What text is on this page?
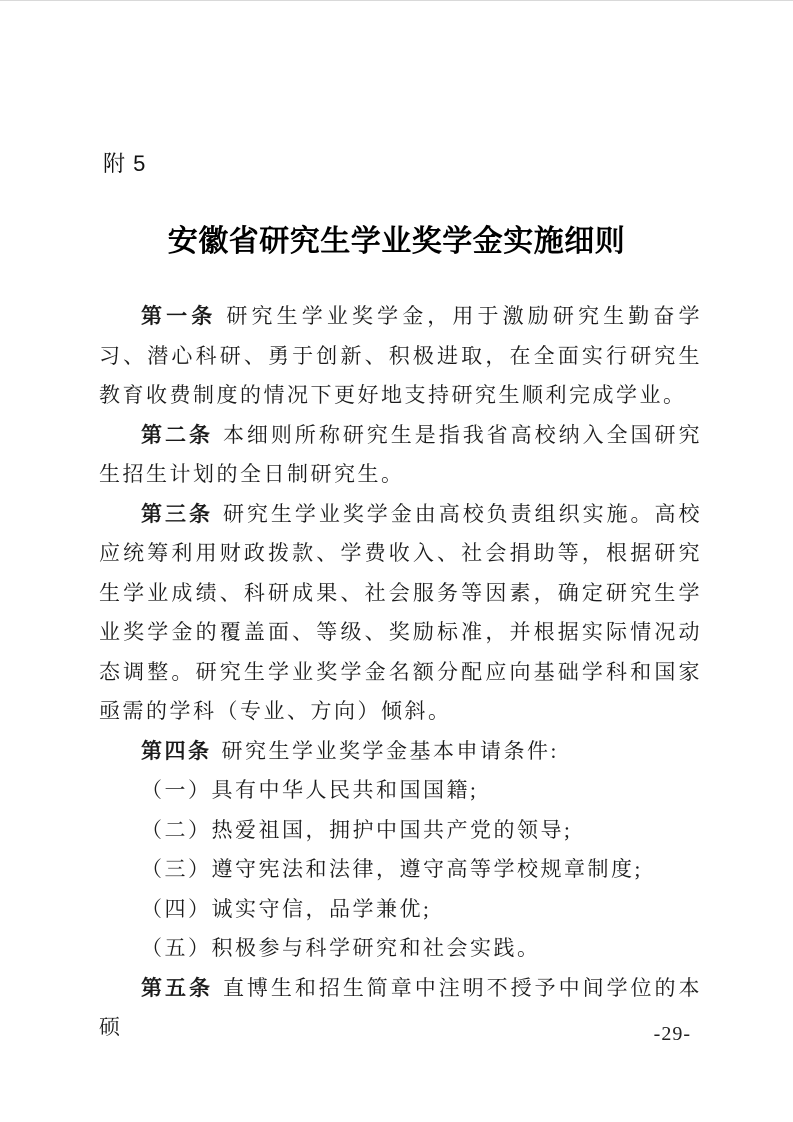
附 5
安徽省研究生学业奖学金实施细则

第一条 研究生学业奖学金，用于激励研究生勤奋学习、潜心科研、勇于创新、积极进取，在全面实行研究生教育收费制度的情况下更好地支持研究生顺利完成学业。

第二条 本细则所称研究生是指我省高校纳入全国研究生招生计划的全日制研究生。

第三条 研究生学业奖学金由高校负责组织实施。高校应统筹利用财政拨款、学费收入、社会捐助等，根据研究生学业成绩、科研成果、社会服务等因素，确定研究生学业奖学金的覆盖面、等级、奖励标准，并根据实际情况动态调整。研究生学业奖学金名额分配应向基础学科和国家亟需的学科（专业、方向）倾斜。

第四条 研究生学业奖学金基本申请条件:

（一）具有中华人民共和国国籍;

（二）热爱祖国，拥护中国共产党的领导;

（三）遵守宪法和法律，遵守高等学校规章制度;

（四）诚实守信，品学兼优;

（五）积极参与科学研究和社会实践。

第五条 直博生和招生简章中注明不授予中间学位的本硕	-29-
